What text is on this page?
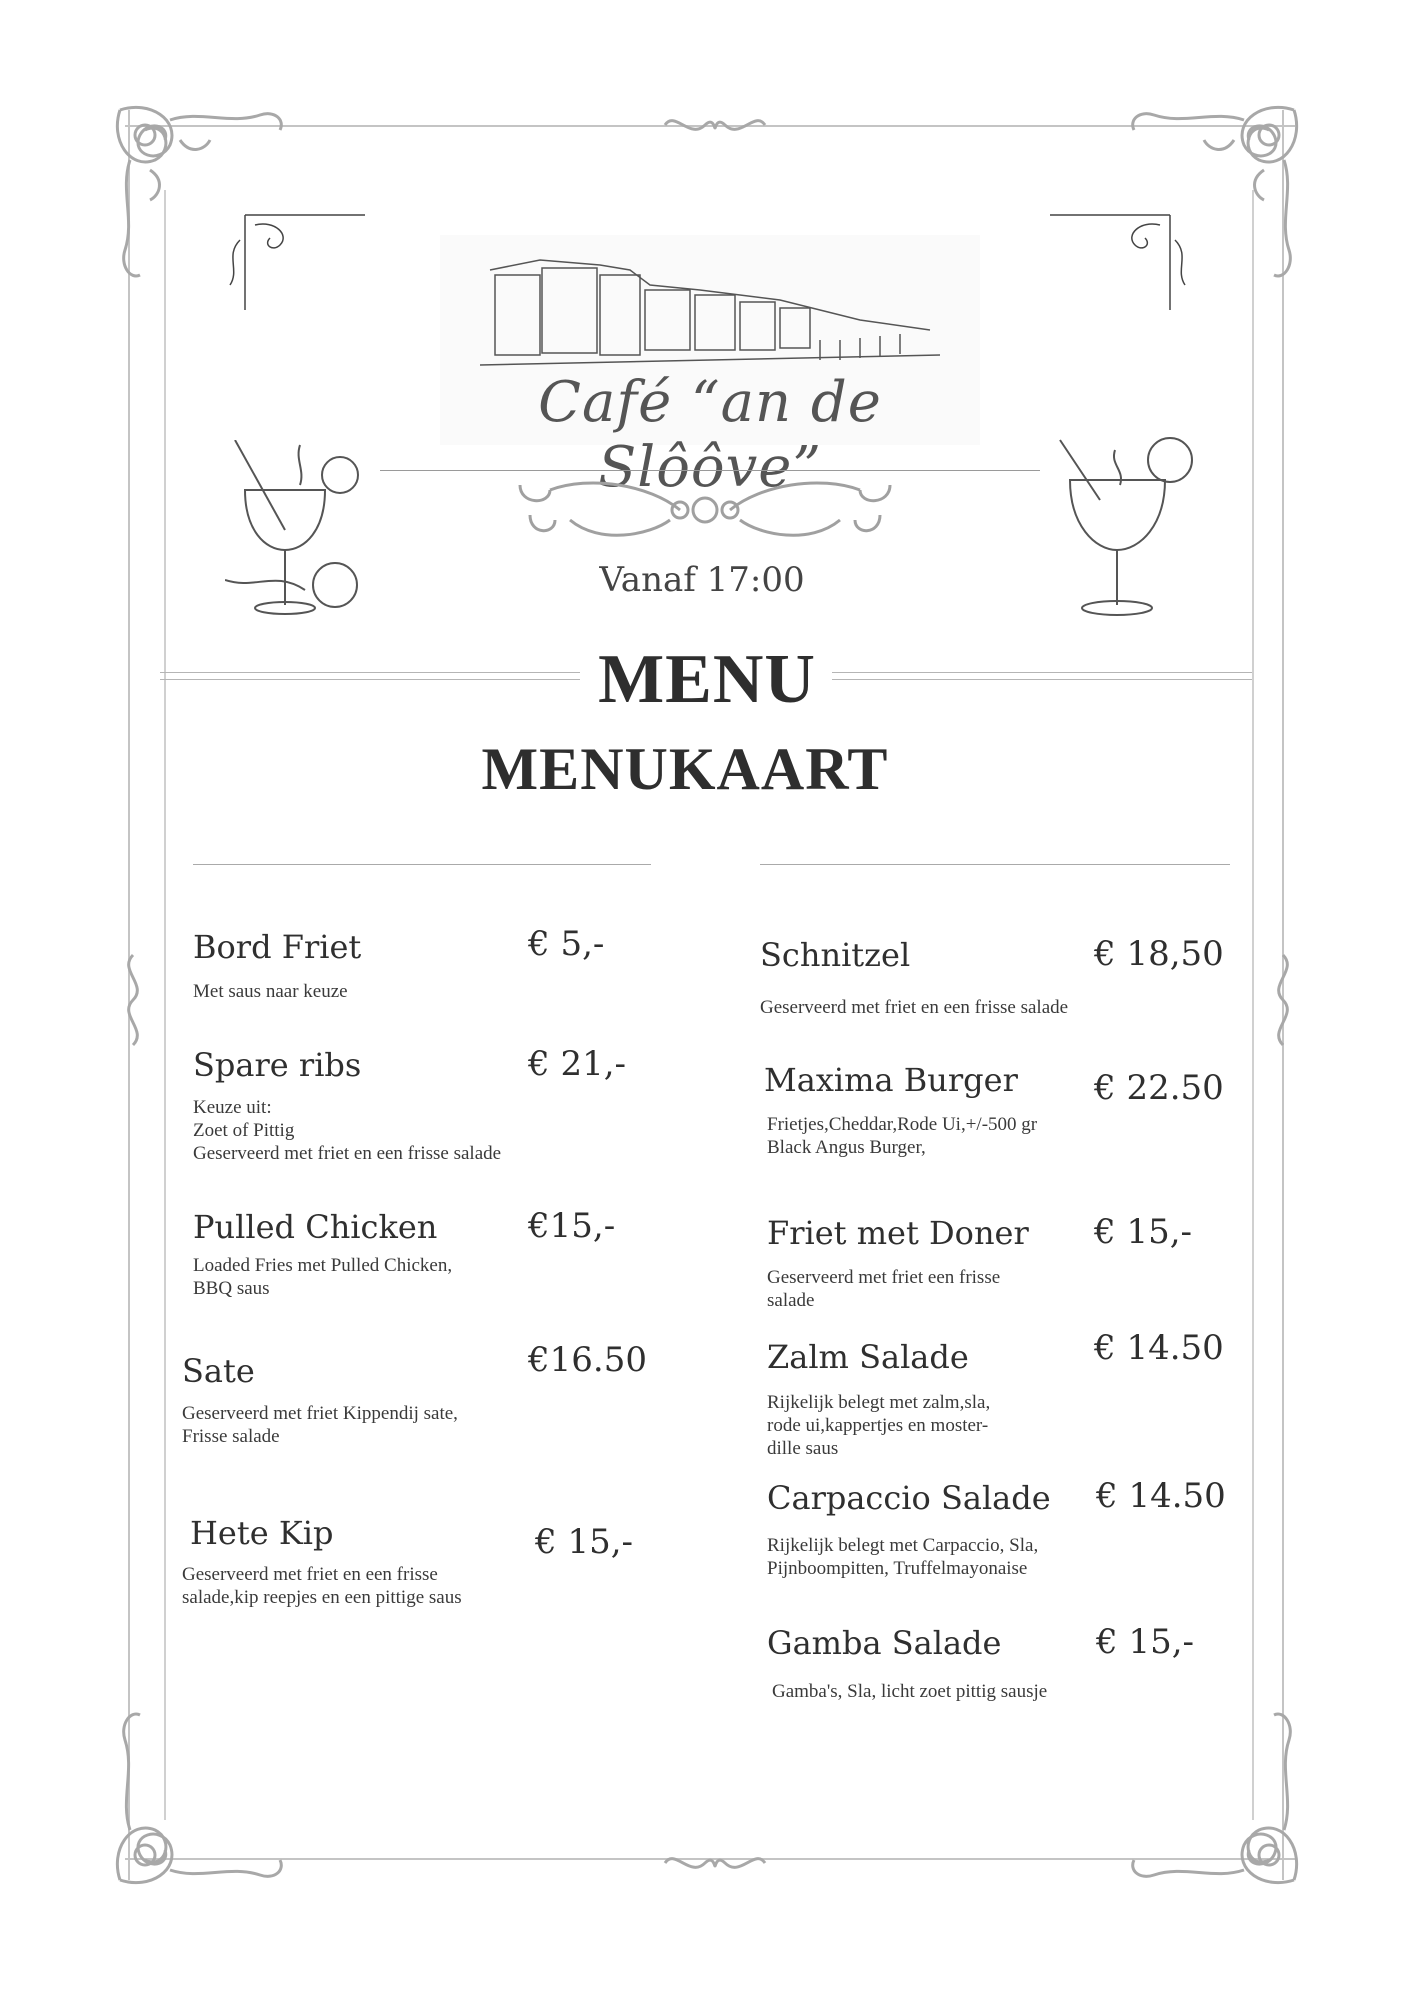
Café “an de Slôôve”
Vanaf 17:00
MENU
MENUKAART
Bord Friet	€ 5,-
Met saus naar keuze
Spare ribs	€ 21,-
Keuze uit:
Zoet of Pittig
Geserveerd met friet en een frisse salade
Pulled Chicken	€15,-
Loaded Fries met Pulled Chicken,
BBQ saus
Sate	€16.50
Geserveerd met friet Kippendij sate,
Frisse salade
Hete Kip	€ 15,-
Geserveerd met friet en een frisse
salade,kip reepjes en een pittige saus
Schnitzel	€ 18,50
Geserveerd met friet en een frisse salade
Maxima Burger € 22.50
Frietjes,Cheddar,Rode Ui,+/-500 gr
Black Angus Burger,
Friet met Doner € 15,-
Geserveerd met friet een frisse
salade
Zalm Salade	€ 14.50
Rijkelijk belegt met zalm,sla,
rode ui,kappertjes en moster-
dille saus
Carpaccio Salade € 14.50
Rijkelijk belegt met Carpaccio, Sla,
Pijnboompitten, Truffelmayonaise
Gamba Salade	€ 15,-
Gamba's, Sla, licht zoet pittig sausje
